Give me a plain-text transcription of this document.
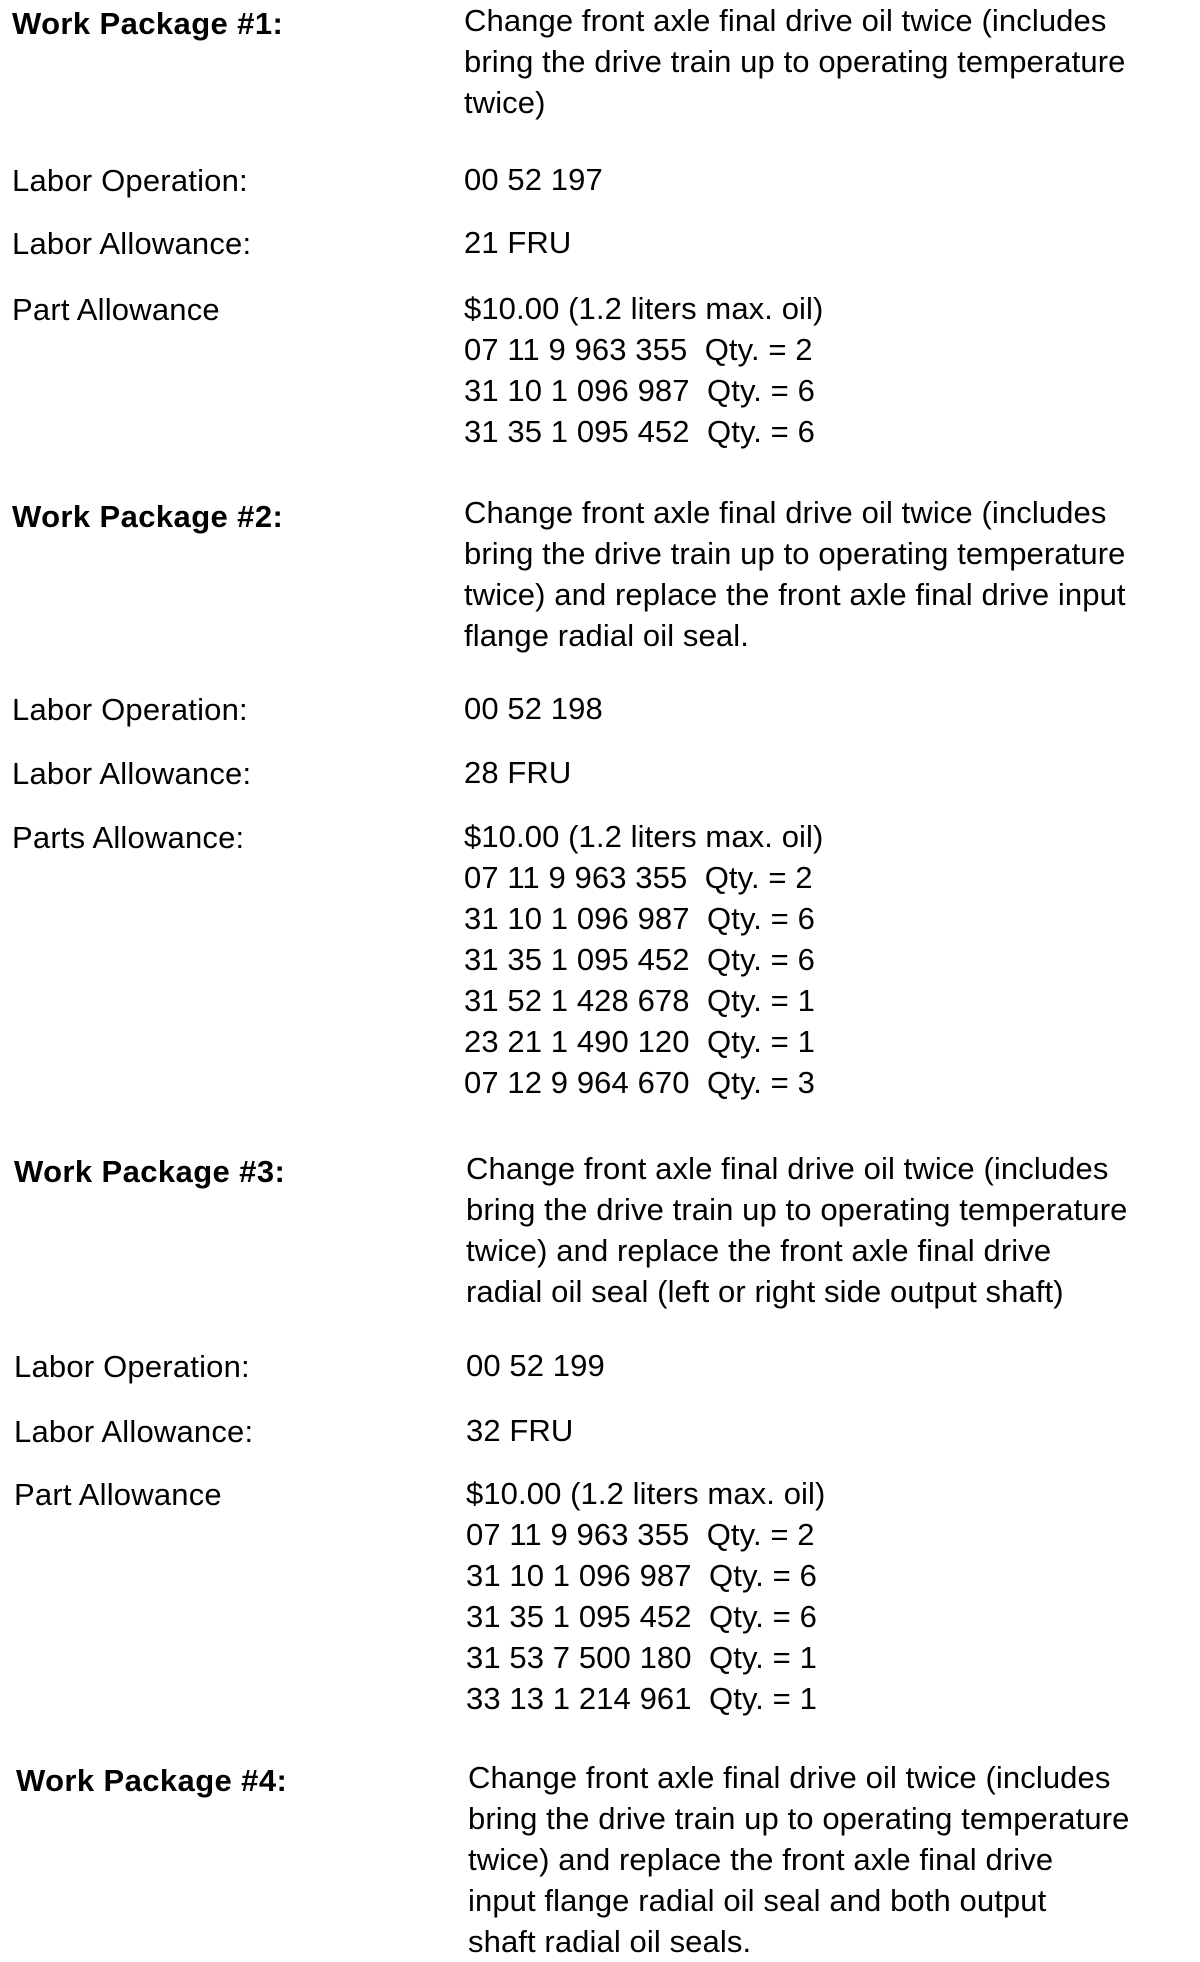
Work Package #1:	Change front axle final drive oil twice (includes
bring the drive train up to operating temperature
twice)
Labor Operation:	00 52 197
Labor Allowance:	21 FRU
Part Allowance	$10.00 (1.2 liters max. oil)
07 11 9 963 355  Qty. = 2
31 10 1 096 987  Qty. = 6
31 35 1 095 452  Qty. = 6
Work Package #2:	Change front axle final drive oil twice (includes
bring the drive train up to operating temperature
twice) and replace the front axle final drive input
flange radial oil seal.
Labor Operation:	00 52 198
Labor Allowance:	28 FRU
Parts Allowance:	$10.00 (1.2 liters max. oil)
07 11 9 963 355  Qty. = 2
31 10 1 096 987  Qty. = 6
31 35 1 095 452  Qty. = 6
31 52 1 428 678  Qty. = 1
23 21 1 490 120  Qty. = 1
07 12 9 964 670  Qty. = 3
Work Package #3:	Change front axle final drive oil twice (includes
bring the drive train up to operating temperature
twice) and replace the front axle final drive
radial oil seal (left or right side output shaft)
Labor Operation:	00 52 199
Labor Allowance:	32 FRU
Part Allowance	$10.00 (1.2 liters max. oil)
07 11 9 963 355  Qty. = 2
31 10 1 096 987  Qty. = 6
31 35 1 095 452  Qty. = 6
31 53 7 500 180  Qty. = 1
33 13 1 214 961  Qty. = 1
Work Package #4:	Change front axle final drive oil twice (includes
bring the drive train up to operating temperature
twice) and replace the front axle final drive
input flange radial oil seal and both output
shaft radial oil seals.
